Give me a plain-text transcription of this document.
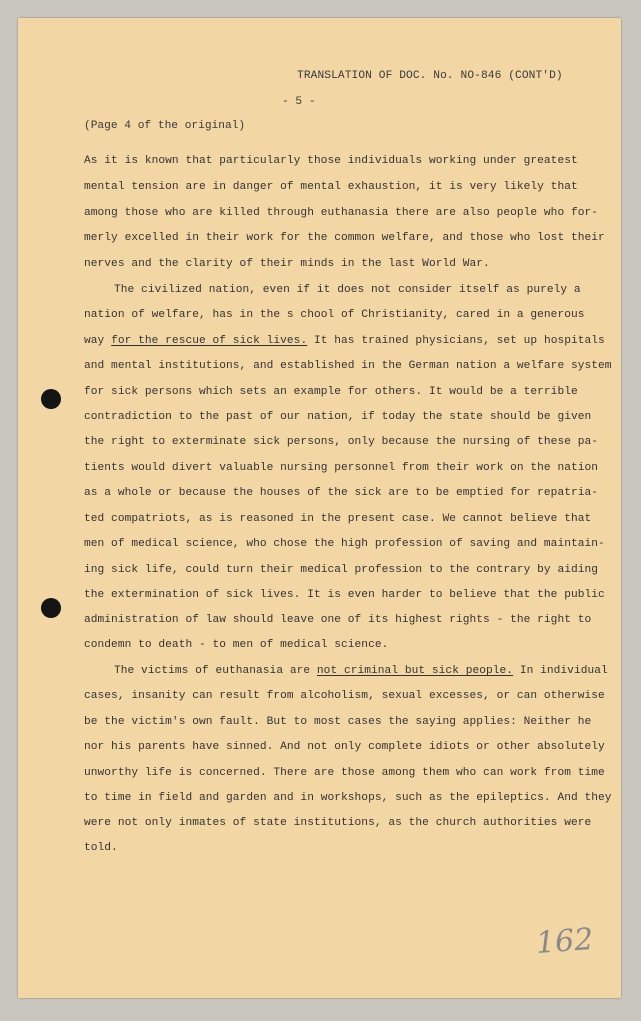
TRANSLATION OF DOC. No. NO-846 (CONT'D)
- 5 -
(Page 4 of the original)
As it is known that particularly those individuals working under greatest
mental tension are in danger of mental exhaustion, it is very likely that
among those who are killed through euthanasia there are also people who for-
merly excelled in their work for the common welfare, and those who lost their
nerves and the clarity of their minds in the last World War.
The civilized nation, even if it does not consider itself as purely a
nation of welfare, has in the s chool of Christianity, cared in a generous
way for the rescue of sick lives. It has trained physicians, set up hospitals
and mental institutions, and established in the German nation a welfare system
for sick persons which sets an example for others. It would be a terrible
contradiction to the past of our nation, if today the state should be given
the right to exterminate sick persons, only because the nursing of these pa-
tients would divert valuable nursing personnel from their work on the nation
as a whole or because the houses of the sick are to be emptied for repatria-
ted compatriots, as is reasoned in the present case. We cannot believe that
men of medical science, who chose the high profession of saving and maintain-
ing sick life, could turn their medical profession to the contrary by aiding
the extermination of sick lives. It is even harder to believe that the public
administration of law should leave one of its highest rights - the right to
condemn to death - to men of medical science.
The victims of euthanasia are not criminal but sick people. In individual
cases, insanity can result from alcoholism, sexual excesses, or can otherwise
be the victim's own fault. But to most cases the saying applies: Neither he
nor his parents have sinned. And not only complete idiots or other absolutely
unworthy life is concerned. There are those among them who can work from time
to time in field and garden and in workshops, such as the epileptics. And they
were not only inmates of state institutions, as the church authorities were
told.
162
